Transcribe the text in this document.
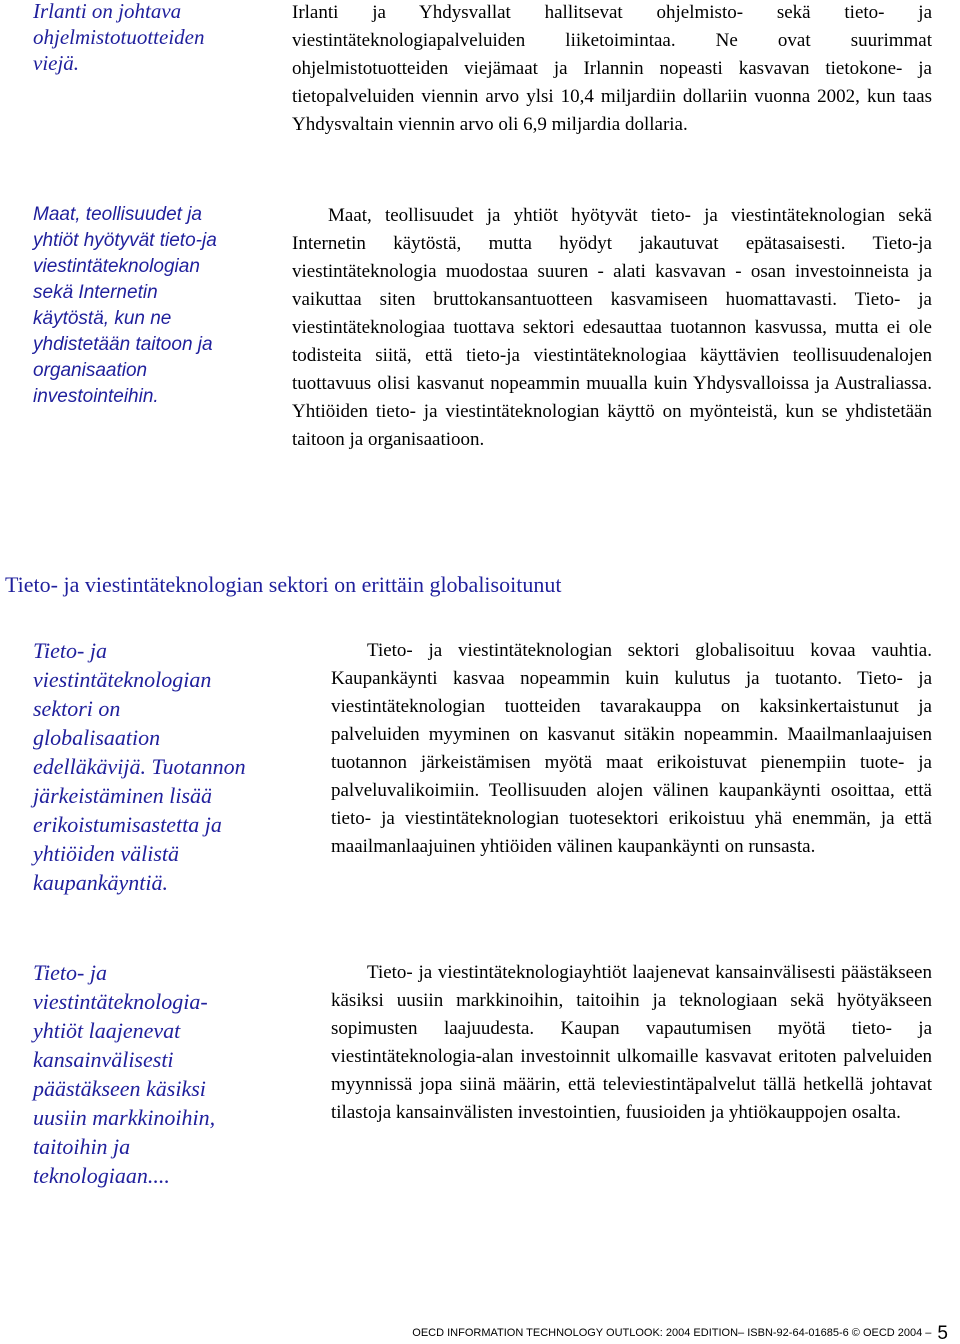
Irlanti on johtava ohjelmistotuotteiden viejä.

Irlanti ja Yhdysvallat hallitsevat ohjelmisto- sekä tieto- ja viestintäteknologiapalveluiden liiketoimintaa. Ne ovat suurimmat ohjelmistotuotteiden viejämaat ja Irlannin nopeasti kasvavan tietokone- ja tietopalveluiden viennin arvo ylsi 10,4 miljardiin dollariin vuonna 2002, kun taas Yhdysvaltain viennin arvo oli 6,9 miljardia dollaria.

Maat, teollisuudet ja yhtiöt hyötyvät tieto-ja viestintäteknologian sekä Internetin käytöstä, kun ne yhdistetään taitoon ja organisaation investointeihin.

Maat, teollisuudet ja yhtiöt hyötyvät tieto- ja viestintäteknologian sekä Internetin käytöstä, mutta hyödyt jakautuvat epätasaisesti. Tieto-ja viestintäteknologia muodostaa suuren - alati kasvavan - osan investoinneista ja vaikuttaa siten bruttokansantuotteen kasvamiseen huomattavasti. Tieto- ja viestintäteknologiaa tuottava sektori edesauttaa tuotannon kasvussa, mutta ei ole todisteita siitä, että tieto-ja viestintäteknologiaa käyttävien teollisuudenalojen tuottavuus olisi kasvanut nopeammin muualla kuin Yhdysvalloissa ja Australiassa. Yhtiöiden tieto- ja viestintäteknologian käyttö on myönteistä, kun se yhdistetään taitoon ja organisaatioon.

Tieto- ja viestintäteknologian sektori on erittäin globalisoitunut

Tieto- ja viestintäteknologian sektori on globalisaation edelläkävijä. Tuotannon järkeistäminen lisää erikoistumisastetta ja yhtiöiden välistä kaupankäyntiä.

Tieto- ja viestintäteknologian sektori globalisoituu kovaa vauhtia. Kaupankäynti kasvaa nopeammin kuin kulutus ja tuotanto. Tieto- ja viestintäteknologian tuotteiden tavarakauppa on kaksinkertaistunut ja palveluiden myyminen on kasvanut sitäkin nopeammin. Maailmanlaajuisen tuotannon järkeistämisen myötä maat erikoistuvat pienempiin tuote- ja palveluvalikoimiin. Teollisuuden alojen välinen kaupankäynti osoittaa, että tieto- ja viestintäteknologian tuotesektori erikoistuu yhä enemmän, ja että maailmanlaajuinen yhtiöiden välinen kaupankäynti on runsasta.

Tieto- ja viestintäteknologia-yhtiöt laajenevat kansainvälisesti päästäkseen käsiksi uusiin markkinoihin, taitoihin ja teknologiaan....

Tieto- ja viestintäteknologiayhtiöt laajenevat kansainvälisesti päästäkseen käsiksi uusiin markkinoihin, taitoihin ja teknologiaan sekä hyötyäkseen sopimusten laajuudesta. Kaupan vapautumisen myötä tieto- ja viestintäteknologia-alan investoinnit ulkomaille kasvavat eritoten palveluiden myynnissä jopa siinä määrin, että televiestintäpalvelut tällä hetkellä johtavat tilastoja kansainvälisten investointien, fuusioiden ja yhtiökauppojen osalta.

OECD INFORMATION TECHNOLOGY OUTLOOK: 2004 EDITION– ISBN-92-64-01685-6 © OECD 2004 – 5
